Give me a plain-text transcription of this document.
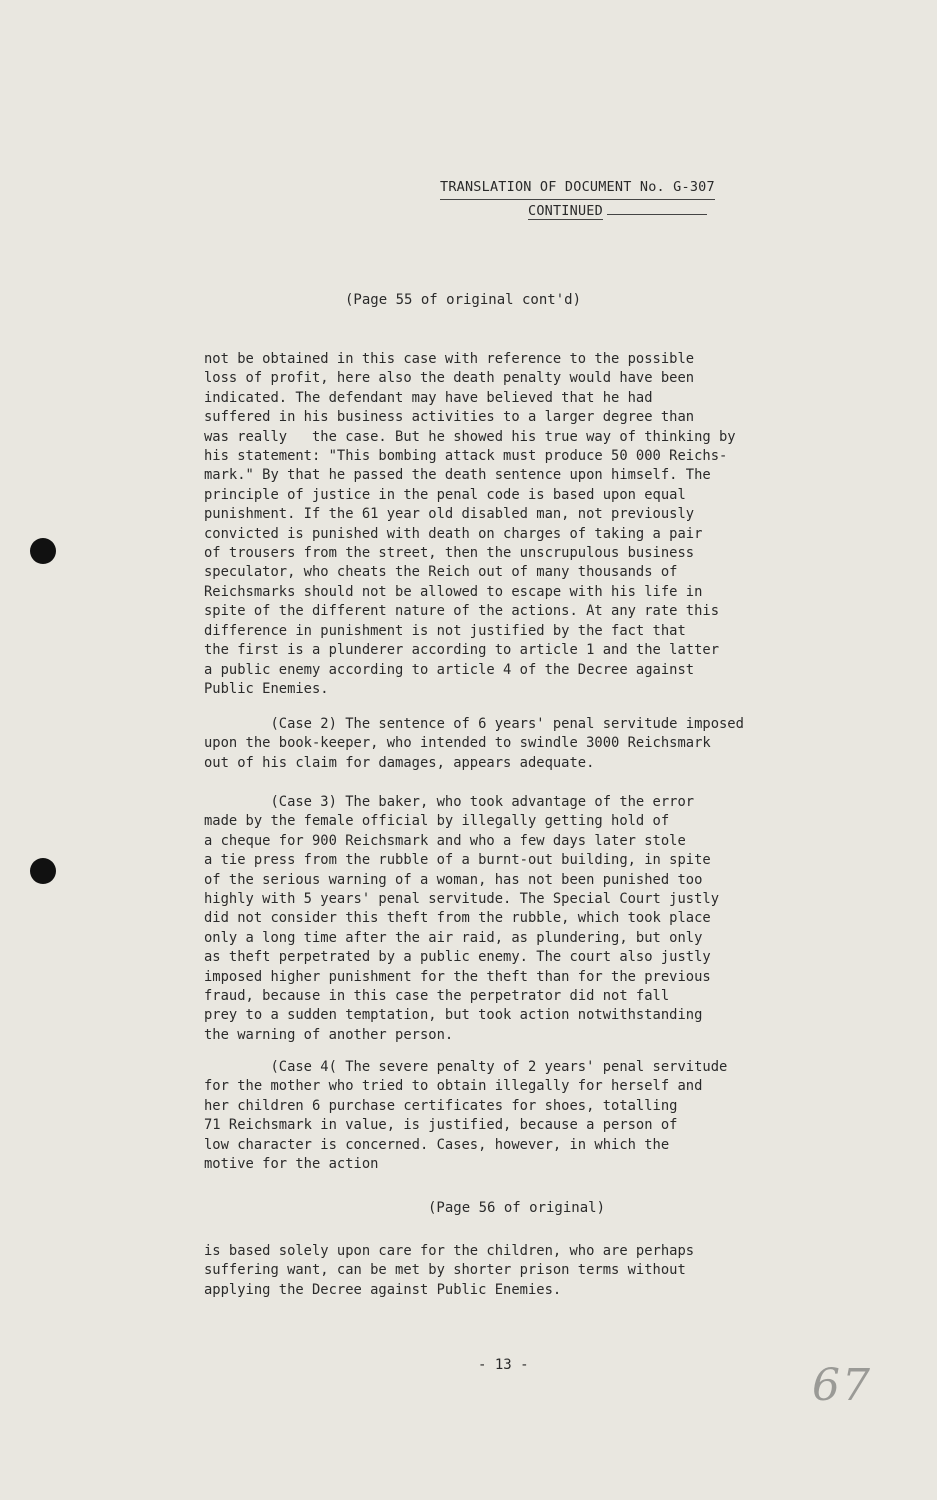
TRANSLATION OF DOCUMENT No. G-307
CONTINUED
(Page 55 of original cont'd)
not be obtained in this case with reference to the possible
loss of profit, here also the death penalty would have been
indicated. The defendant may have believed that he had
suffered in his business activities to a larger degree than
was really   the case. But he showed his true way of thinking by
his statement: "This bombing attack must produce 50 000 Reichs-
mark." By that he passed the death sentence upon himself. The
principle of justice in the penal code is based upon equal
punishment. If the 61 year old disabled man, not previously
convicted is punished with death on charges of taking a pair
of trousers from the street, then the unscrupulous business
speculator, who cheats the Reich out of many thousands of
Reichsmarks should not be allowed to escape with his life in
spite of the different nature of the actions. At any rate this
difference in punishment is not justified by the fact that
the first is a plunderer according to article 1 and the latter
a public enemy according to article 4 of the Decree against
Public Enemies.
(Case 2) The sentence of 6 years' penal servitude imposed
upon the book-keeper, who intended to swindle 3000 Reichsmark
out of his claim for damages, appears adequate.
(Case 3) The baker, who took advantage of the error
made by the female official by illegally getting hold of
a cheque for 900 Reichsmark and who a few days later stole
a tie press from the rubble of a burnt-out building, in spite
of the serious warning of a woman, has not been punished too
highly with 5 years' penal servitude. The Special Court justly
did not consider this theft from the rubble, which took place
only a long time after the air raid, as plundering, but only
as theft perpetrated by a public enemy. The court also justly
imposed higher punishment for the theft than for the previous
fraud, because in this case the perpetrator did not fall
prey to a sudden temptation, but took action notwithstanding
the warning of another person.
(Case 4( The severe penalty of 2 years' penal servitude
for the mother who tried to obtain illegally for herself and
her children 6 purchase certificates for shoes, totalling
71 Reichsmark in value, is justified, because a person of
low character is concerned. Cases, however, in which the
motive for the action
(Page 56 of original)
is based solely upon care for the children, who are perhaps
suffering want, can be met by shorter prison terms without
applying the Decree against Public Enemies.
- 13 -	67
